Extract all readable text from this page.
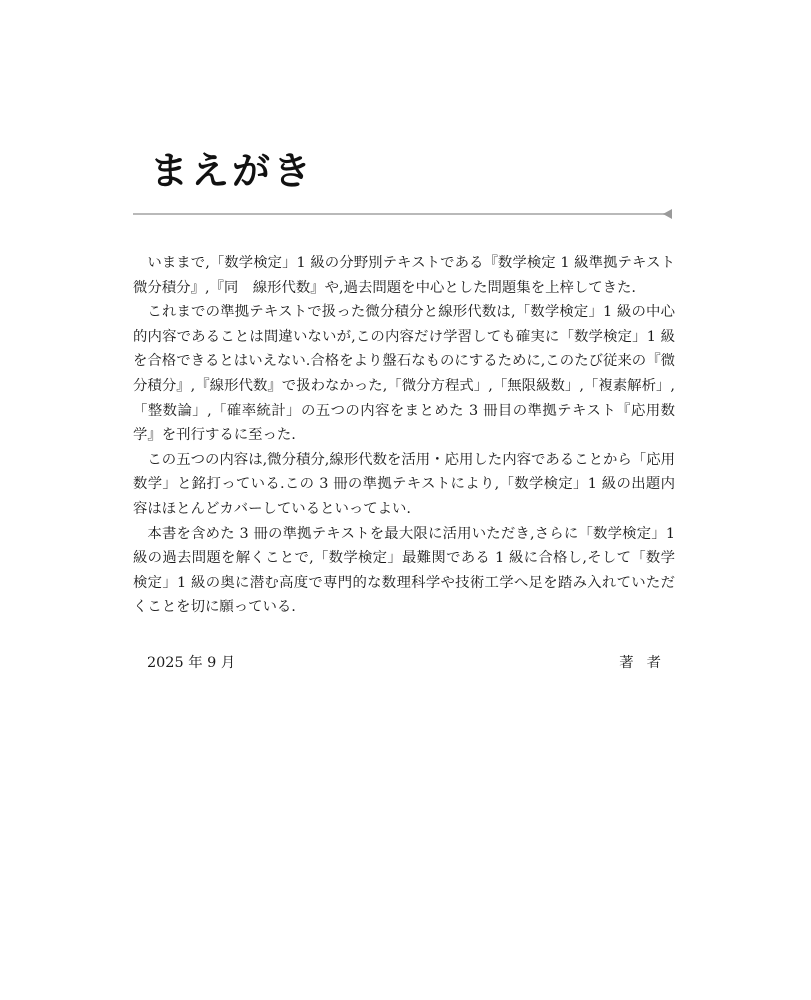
まえがき

いままで,「数学検定」1 級の分野別テキストである『数学検定 1 級準拠テキスト　微分積分』,『同　線形代数』や,過去問題を中心とした問題集を上梓してきた.

これまでの準拠テキストで扱った微分積分と線形代数は,「数学検定」1 級の中心的内容であることは間違いないが,この内容だけ学習しても確実に「数学検定」1 級を合格できるとはいえない.合格をより盤石なものにするために,このたび従来の『微分積分』,『線形代数』で扱わなかった,「微分方程式」,「無限級数」,「複素解析」,「整数論」,「確率統計」の五つの内容をまとめた 3 冊目の準拠テキスト『応用数学』を刊行するに至った.

この五つの内容は,微分積分,線形代数を活用・応用した内容であることから「応用数学」と銘打っている.この 3 冊の準拠テキストにより,「数学検定」1 級の出題内容はほとんどカバーしているといってよい.

本書を含めた 3 冊の準拠テキストを最大限に活用いただき,さらに「数学検定」1 級の過去問題を解くことで,「数学検定」最難関である 1 級に合格し,そして「数学検定」1 級の奥に潜む高度で専門的な数理科学や技術工学へ足を踏み入れていただくことを切に願っている.

2025 年 9 月	著者
